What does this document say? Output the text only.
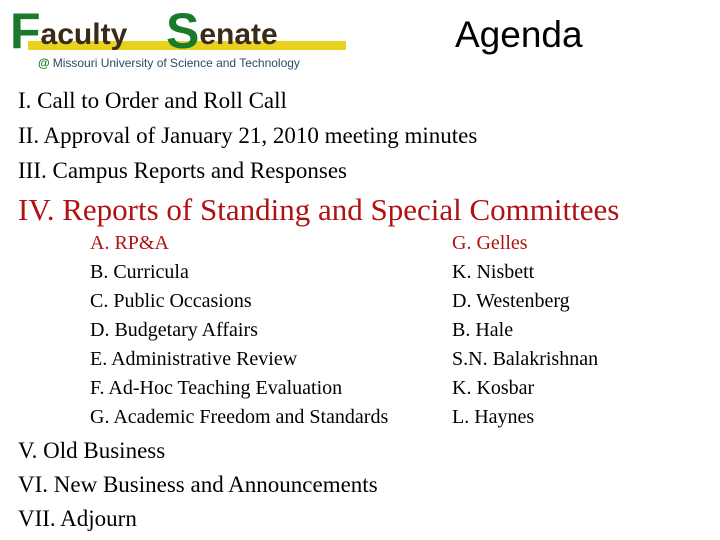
Faculty Senate
@ Missouri University of Science and Technology
Agenda
I. Call to Order and Roll Call
II. Approval of January 21, 2010 meeting minutes
III. Campus Reports and Responses
IV. Reports of Standing and Special Committees
A. RP&A	G. Gelles
B. Curricula	K. Nisbett
C. Public Occasions	D. Westenberg
D. Budgetary Affairs	B. Hale
E. Administrative Review	S.N. Balakrishnan
F. Ad-Hoc Teaching Evaluation	K. Kosbar
G. Academic Freedom and Standards	L. Haynes
V. Old Business
VI. New Business and Announcements
VII. Adjourn
